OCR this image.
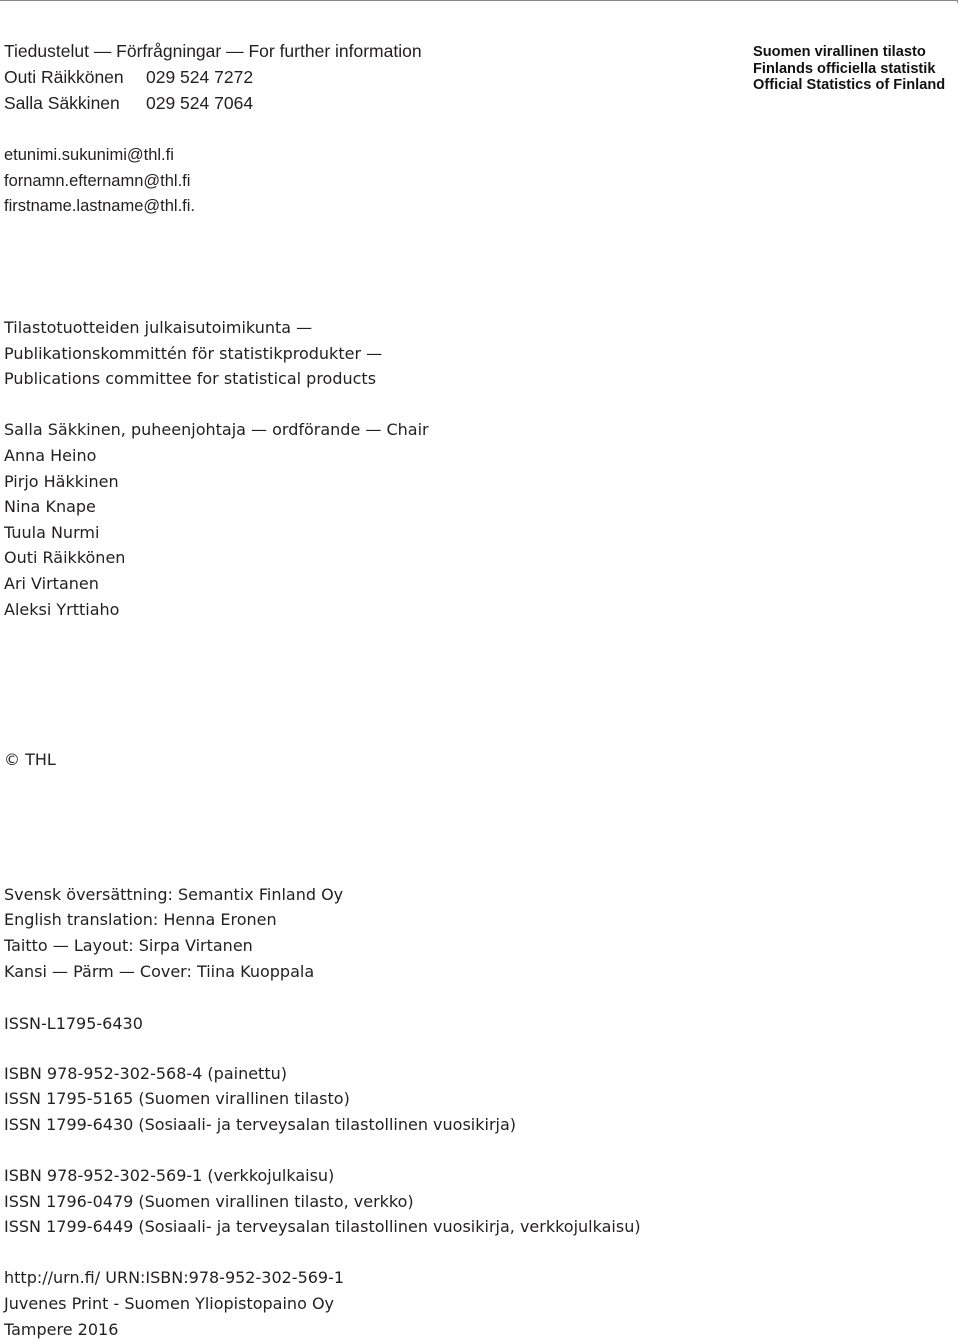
Tiedustelut — Förfrågningar — For further information
Outi Räikkönen 029 524 7272
Salla Säkkinen 029 524 7064
etunimi.sukunimi@thl.fi
fornamn.efternamn@thl.fi
firstname.lastname@thl.fi.
Suomen virallinen tilasto
Finlands officiella statistik
Official Statistics of Finland
Tilastotuotteiden julkaisutoimikunta —
Publikationskommittén för statistikprodukter —
Publications committee for statistical products
Salla Säkkinen, puheenjohtaja — ordförande — Chair
Anna Heino
Pirjo Häkkinen
Nina Knape
Tuula Nurmi
Outi Räikkönen
Ari Virtanen
Aleksi Yrttiaho
© THL
Svensk översättning: Semantix Finland Oy
English translation: Henna Eronen
Taitto — Layout: Sirpa Virtanen
Kansi — Pärm — Cover: Tiina Kuoppala
ISSN-L1795-6430
ISBN 978-952-302-568-4 (painettu)
ISSN 1795-5165 (Suomen virallinen tilasto)
ISSN 1799-6430 (Sosiaali- ja terveysalan tilastollinen vuosikirja)
ISBN 978-952-302-569-1 (verkkojulkaisu)
ISSN 1796-0479 (Suomen virallinen tilasto, verkko)
ISSN 1799-6449 (Sosiaali- ja terveysalan tilastollinen vuosikirja, verkkojulkaisu)
http://urn.fi/ URN:ISBN:978-952-302-569-1
Juvenes Print - Suomen Yliopistopaino Oy
Tampere 2016
